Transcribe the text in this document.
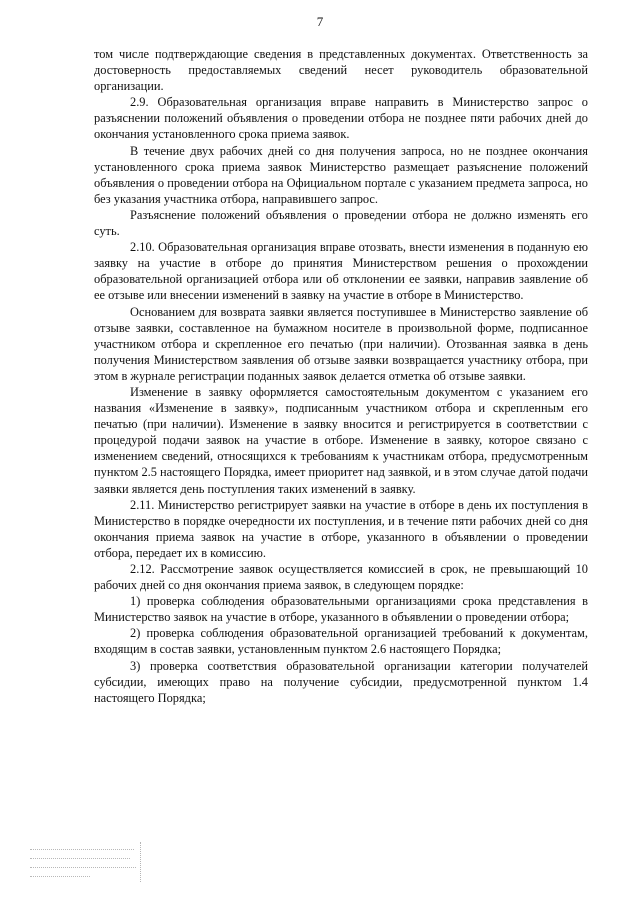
7

том числе подтверждающие сведения в представленных документах. Ответственность за достоверность предоставляемых сведений несет руководитель образовательной организации.

2.9. Образовательная организация вправе направить в Министерство запрос о разъяснении положений объявления о проведении отбора не позднее пяти рабочих дней до окончания установленного срока приема заявок.

В течение двух рабочих дней со дня получения запроса, но не позднее окончания установленного срока приема заявок Министерство размещает разъяснение положений объявления о проведении отбора на Официальном портале с указанием предмета запроса, но без указания участника отбора, направившего запрос.

Разъяснение положений объявления о проведении отбора не должно изменять его суть.

2.10. Образовательная организация вправе отозвать, внести изменения в поданную ею заявку на участие в отборе до принятия Министерством решения о прохождении образовательной организацией отбора или об отклонении ее заявки, направив заявление об ее отзыве или внесении изменений в заявку на участие в отборе в Министерство.

Основанием для возврата заявки является поступившее в Министерство заявление об отзыве заявки, составленное на бумажном носителе в произвольной форме, подписанное участником отбора и скрепленное его печатью (при наличии). Отозванная заявка в день получения Министерством заявления об отзыве заявки возвращается участнику отбора, при этом в журнале регистрации поданных заявок делается отметка об отзыве заявки.

Изменение в заявку оформляется самостоятельным документом с указанием его названия «Изменение в заявку», подписанным участником отбора и скрепленным его печатью (при наличии). Изменение в заявку вносится и регистрируется в соответствии с процедурой подачи заявок на участие в отборе. Изменение в заявку, которое связано с изменением сведений, относящихся к требованиям к участникам отбора, предусмотренным пунктом 2.5 настоящего Порядка, имеет приоритет над заявкой, и в этом случае датой подачи заявки является день поступления таких изменений в заявку.

2.11. Министерство регистрирует заявки на участие в отборе в день их поступления в Министерство в порядке очередности их поступления, и в течение пяти рабочих дней со дня окончания приема заявок на участие в отборе, указанного в объявлении о проведении отбора, передает их в комиссию.

2.12. Рассмотрение заявок осуществляется комиссией в срок, не превышающий 10 рабочих дней со дня окончания приема заявок, в следующем порядке:

1) проверка соблюдения образовательными организациями срока представления в Министерство заявок на участие в отборе, указанного в объявлении о проведении отбора;

2) проверка соблюдения образовательной организацией требований к документам, входящим в состав заявки, установленным пунктом 2.6 настоящего Порядка;

3) проверка соответствия образовательной организации категории получателей субсидии, имеющих право на получение субсидии, предусмотренной пунктом 1.4 настоящего Порядка;
